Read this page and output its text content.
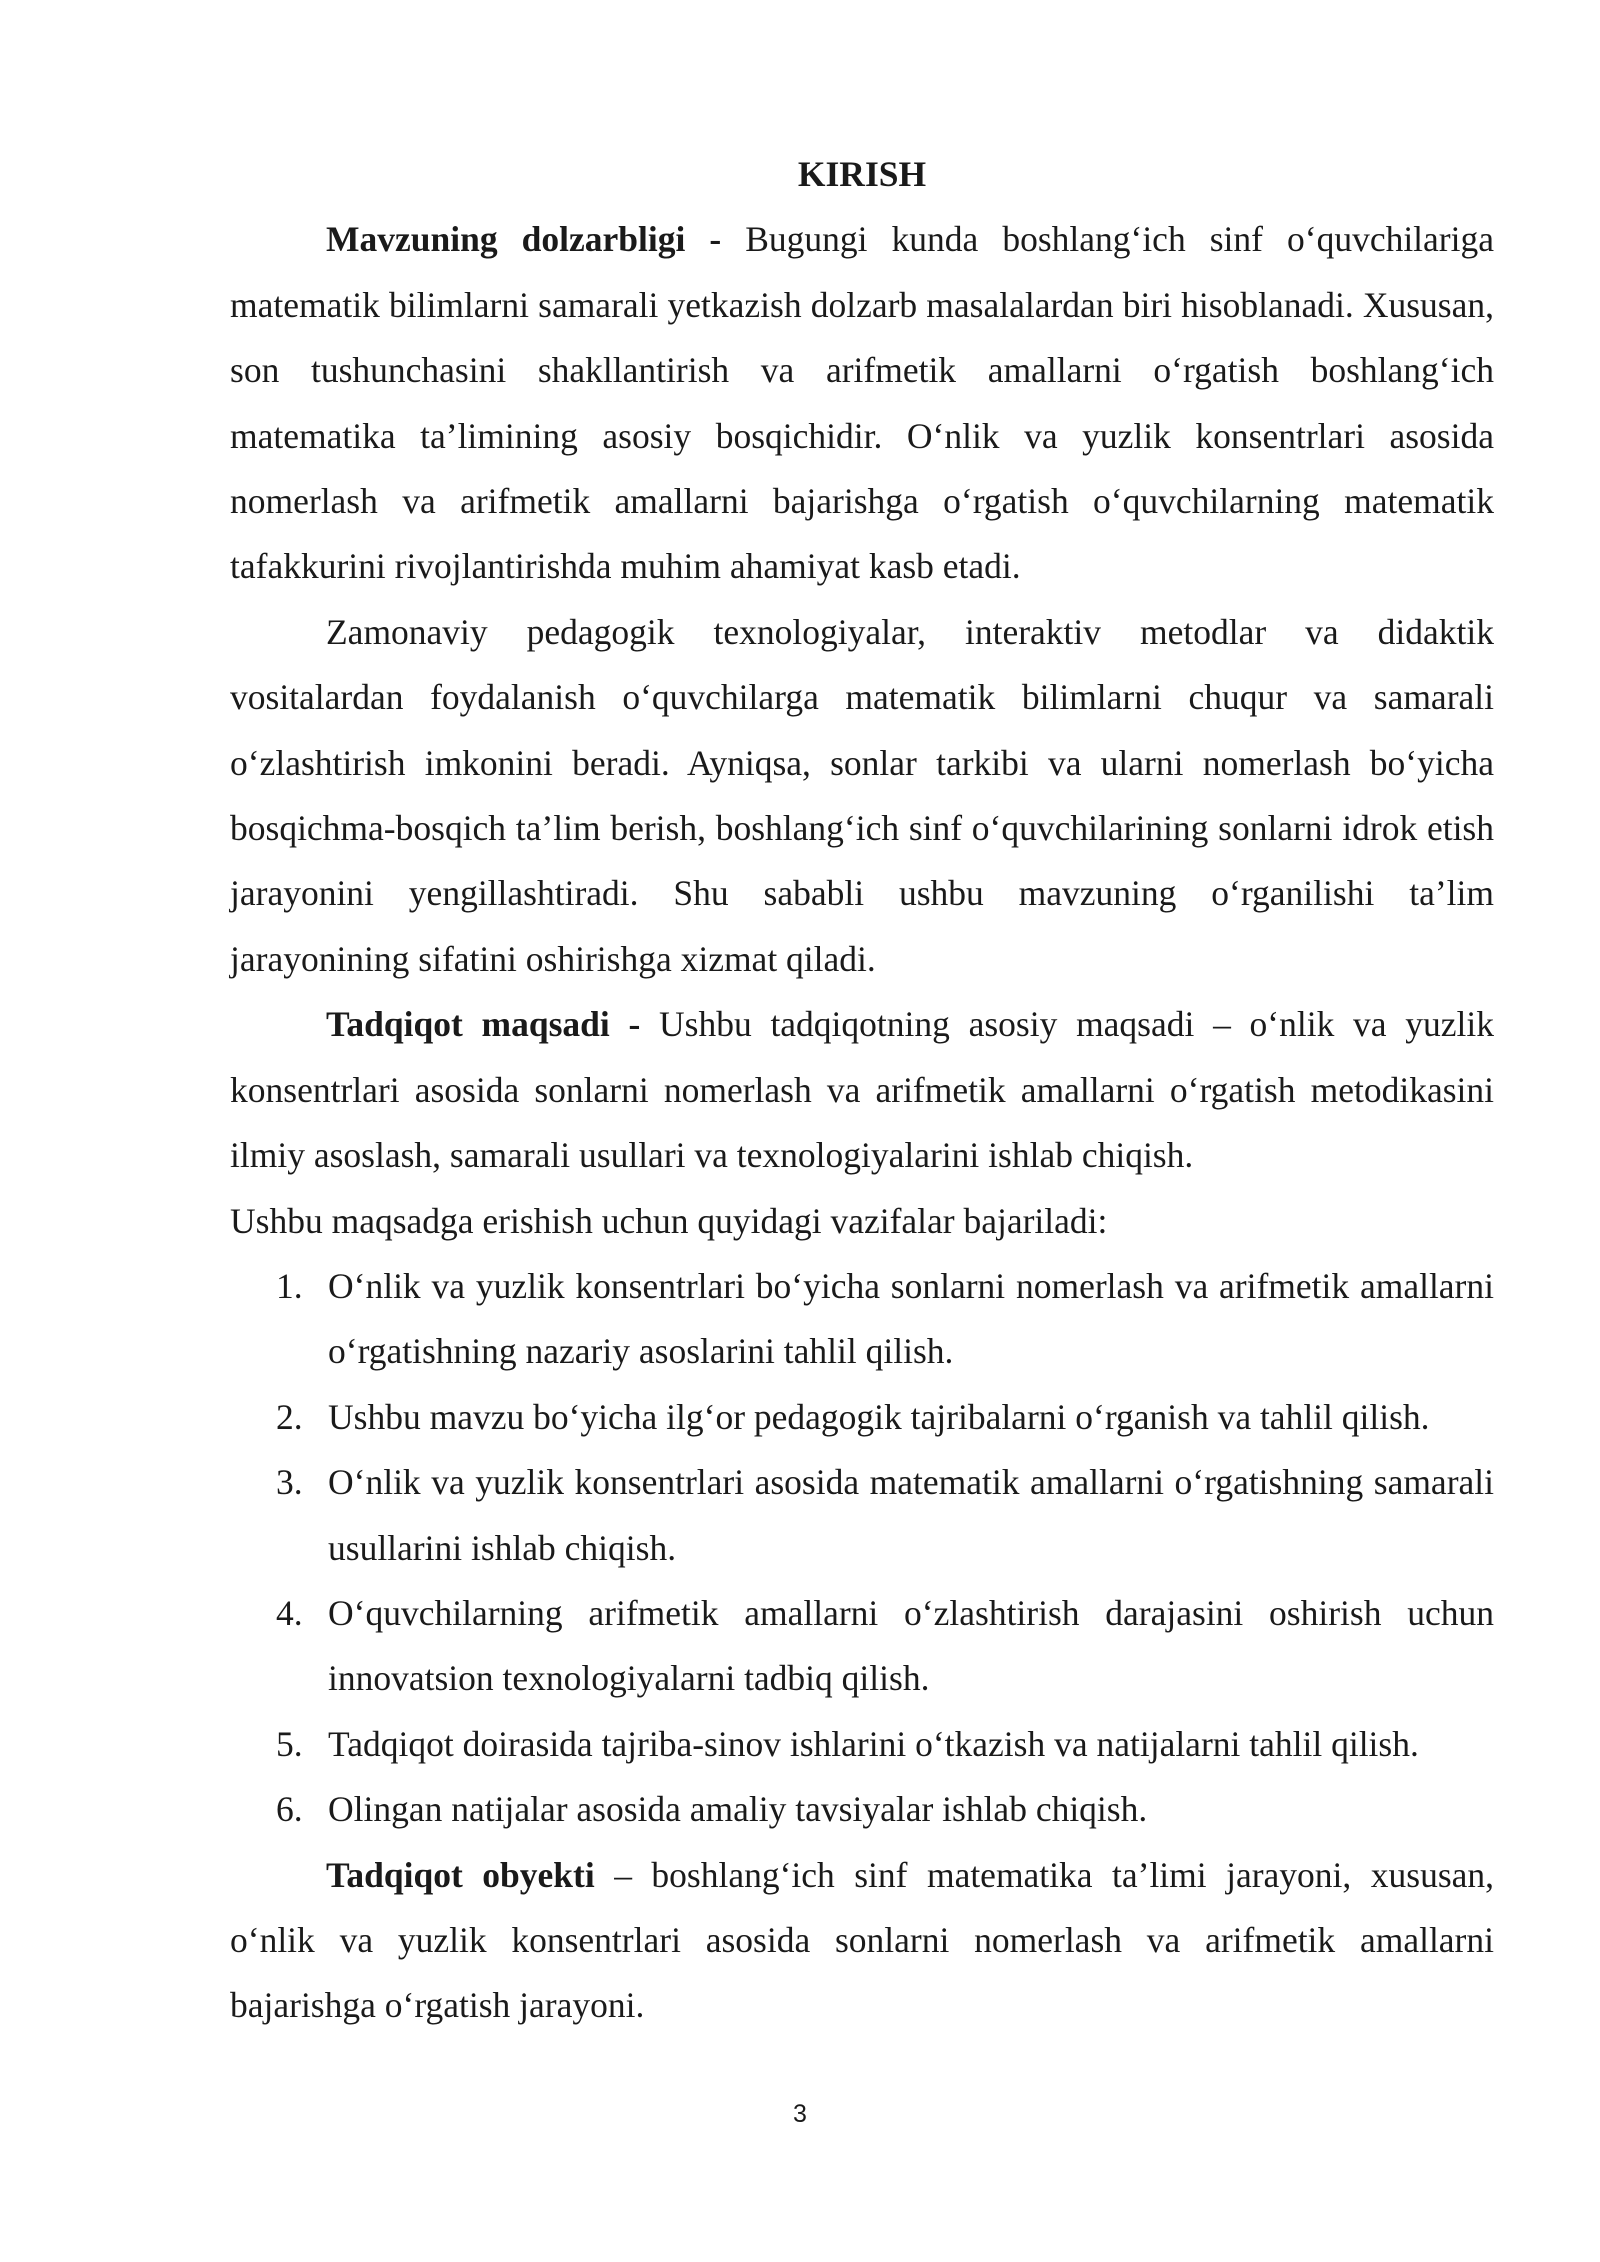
KIRISH

Mavzuning dolzarbligi - Bugungi kunda boshlang‘ich sinf o‘quvchilariga matematik bilimlarni samarali yetkazish dolzarb masalalardan biri hisoblanadi. Xususan, son tushunchasini shakllantirish va arifmetik amallarni o‘rgatish boshlang‘ich matematika ta’limining asosiy bosqichidir. O‘nlik va yuzlik konsentrlari asosida nomerlash va arifmetik amallarni bajarishga o‘rgatish o‘quvchilarning matematik tafakkurini rivojlantirishda muhim ahamiyat kasb etadi.

Zamonaviy pedagogik texnologiyalar, interaktiv metodlar va didaktik vositalardan foydalanish o‘quvchilarga matematik bilimlarni chuqur va samarali o‘zlashtirish imkonini beradi. Ayniqsa, sonlar tarkibi va ularni nomerlash bo‘yicha bosqichma-bosqich ta’lim berish, boshlang‘ich sinf o‘quvchilarining sonlarni idrok etish jarayonini yengillashtiradi. Shu sababli ushbu mavzuning o‘rganilishi ta’lim jarayonining sifatini oshirishga xizmat qiladi.

Tadqiqot maqsadi - Ushbu tadqiqotning asosiy maqsadi – o‘nlik va yuzlik konsentrlari asosida sonlarni nomerlash va arifmetik amallarni o‘rgatish metodikasini ilmiy asoslash, samarali usullari va texnologiyalarini ishlab chiqish.

Ushbu maqsadga erishish uchun quyidagi vazifalar bajariladi:

1. O‘nlik va yuzlik konsentrlari bo‘yicha sonlarni nomerlash va arifmetik amallarni o‘rgatishning nazariy asoslarini tahlil qilish.
2. Ushbu mavzu bo‘yicha ilg‘or pedagogik tajribalarni o‘rganish va tahlil qilish.
3. O‘nlik va yuzlik konsentrlari asosida matematik amallarni o‘rgatishning samarali usullarini ishlab chiqish.
4. O‘quvchilarning arifmetik amallarni o‘zlashtirish darajasini oshirish uchun innovatsion texnologiyalarni tadbiq qilish.
5. Tadqiqot doirasida tajriba-sinov ishlarini o‘tkazish va natijalarni tahlil qilish.
6. Olingan natijalar asosida amaliy tavsiyalar ishlab chiqish.

Tadqiqot obyekti – boshlang‘ich sinf matematika ta’limi jarayoni, xususan, o‘nlik va yuzlik konsentrlari asosida sonlarni nomerlash va arifmetik amallarni bajarishga o‘rgatish jarayoni.

3
